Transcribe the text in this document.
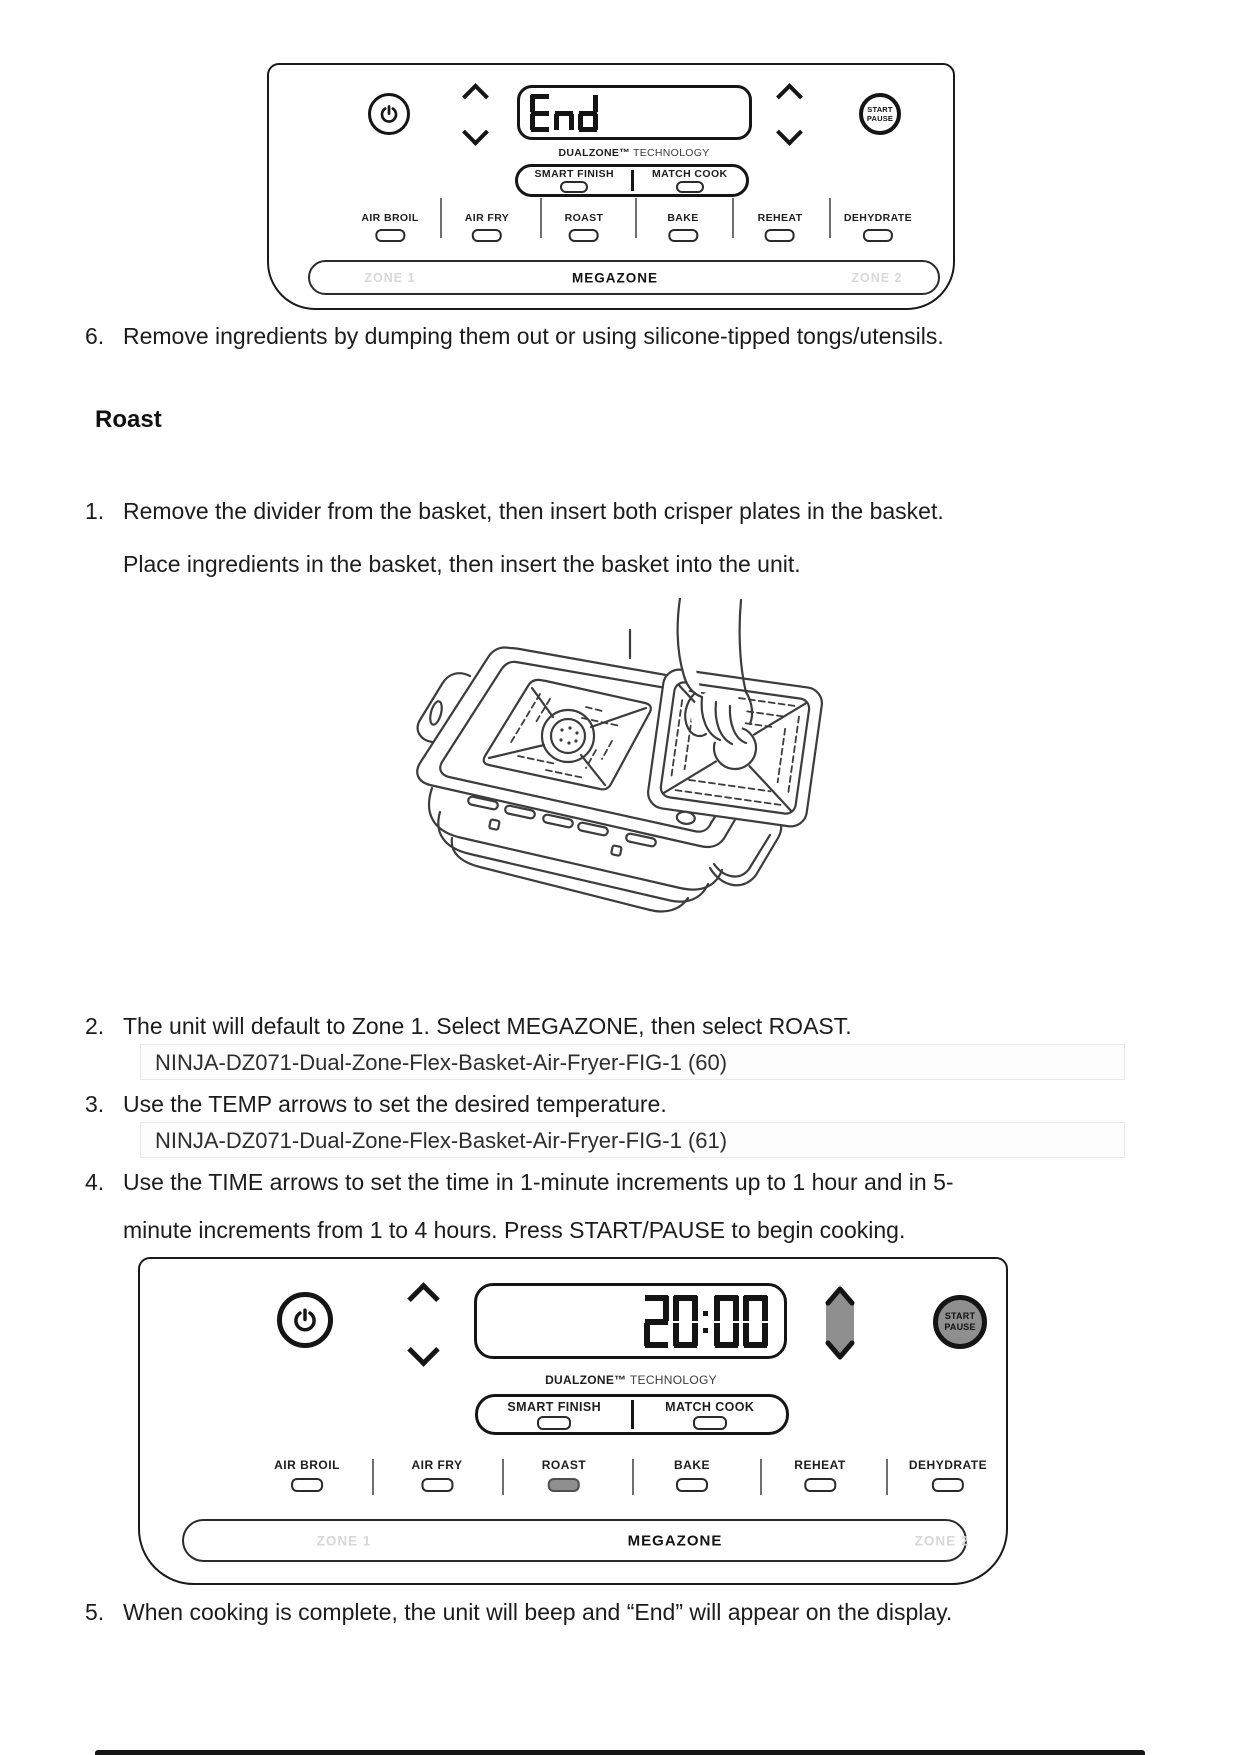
START
PAUSE
DUALZONE™ TECHNOLOGY
SMART FINISH	MATCH COOK
AIR BROIL	AIR FRY	ROAST	BAKE	REHEAT	DEHYDRATE
ZONE 1	MEGAZONE	ZONE 2
6. Remove ingredients by dumping them out or using silicone-tipped tongs/utensils.
Roast
1. Remove the divider from the basket, then insert both crisper plates in the basket.
Place ingredients in the basket, then insert the basket into the unit.
2. The unit will default to Zone 1. Select MEGAZONE, then select ROAST.
NINJA-DZ071-Dual-Zone-Flex-Basket-Air-Fryer-FIG-1 (60)
3. Use the TEMP arrows to set the desired temperature.
NINJA-DZ071-Dual-Zone-Flex-Basket-Air-Fryer-FIG-1 (61)
4. Use the TIME arrows to set the time in 1-minute increments up to 1 hour and in 5-
minute increments from 1 to 4 hours. Press START/PAUSE to begin cooking.
START
PAUSE
DUALZONE™ TECHNOLOGY
SMART FINISH	MATCH COOK
AIR BROIL	AIR FRY	ROAST	BAKE	REHEAT	DEHYDRATE
ZONE 1	MEGAZONE	ZONE 2
5. When cooking is complete, the unit will beep and “End” will appear on the display.
